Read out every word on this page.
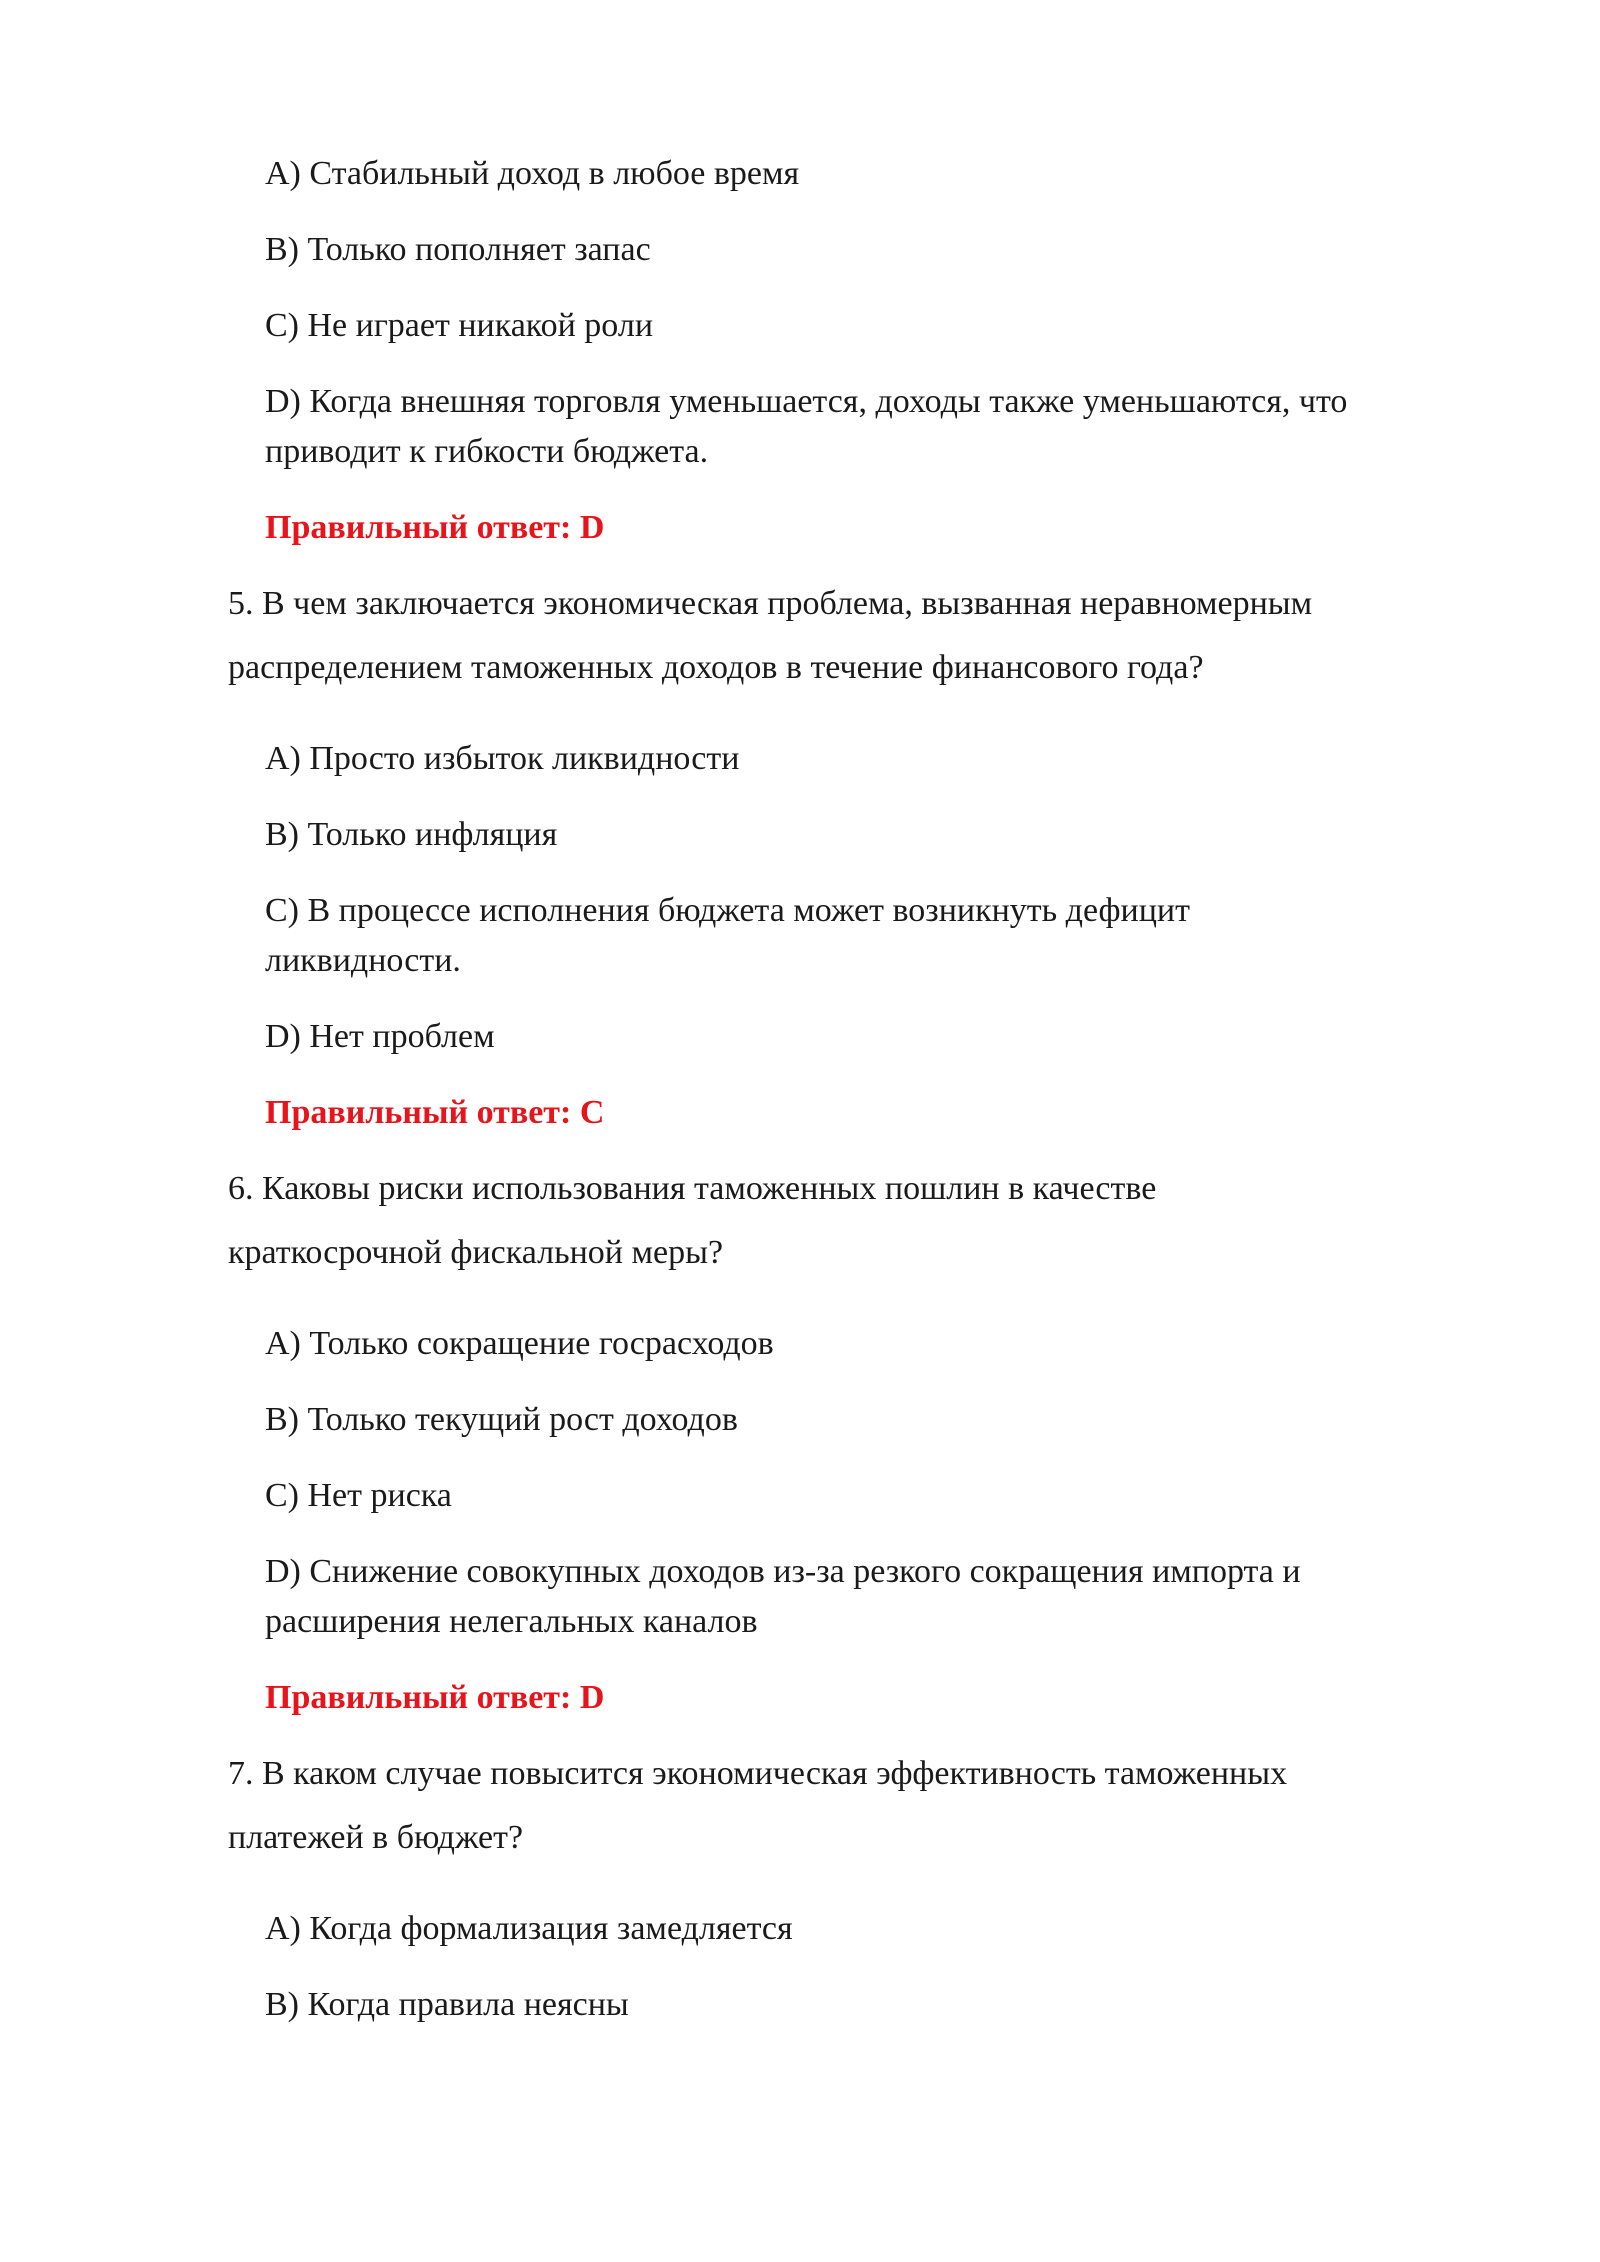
A) Стабильный доход в любое время

B) Только пополняет запас

C) Не играет никакой роли

D) Когда внешняя торговля уменьшается, доходы также уменьшаются, что

приводит к гибкости бюджета.

Правильный ответ: D

5. В чем заключается экономическая проблема, вызванная неравномерным

распределением таможенных доходов в течение финансового года?

A) Просто избыток ликвидности

B) Только инфляция

C) В процессе исполнения бюджета может возникнуть дефицит

ликвидности.

D) Нет проблем

Правильный ответ: C

6. Каковы риски использования таможенных пошлин в качестве

краткосрочной фискальной меры?

A) Только сокращение госрасходов

B) Только текущий рост доходов

C) Нет риска

D) Снижение совокупных доходов из-за резкого сокращения импорта и

расширения нелегальных каналов

Правильный ответ: D

7. В каком случае повысится экономическая эффективность таможенных

платежей в бюджет?

A) Когда формализация замедляется

B) Когда правила неясны
